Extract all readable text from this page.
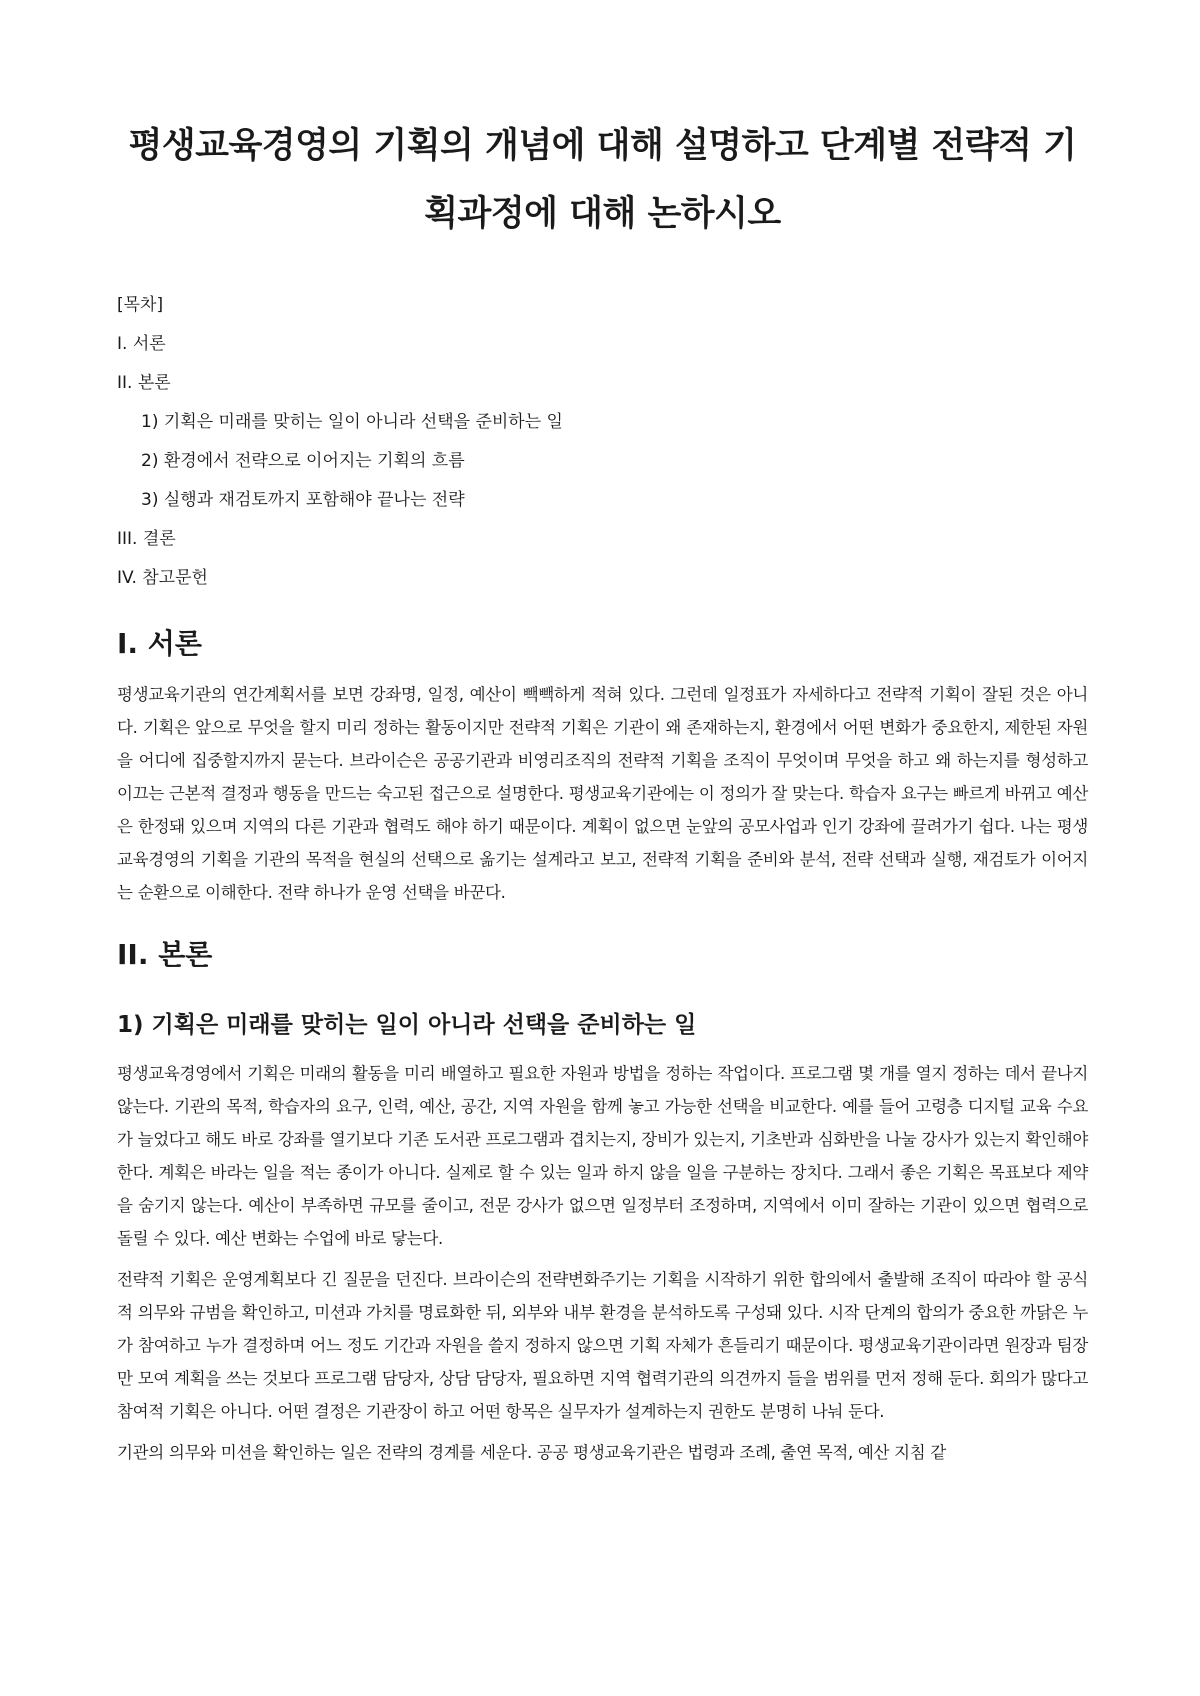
평생교육경영의 기획의 개념에 대해 설명하고 단계별 전략적 기획과정에 대해 논하시오
[목차]
I. 서론
II. 본론
1) 기획은 미래를 맞히는 일이 아니라 선택을 준비하는 일
2) 환경에서 전략으로 이어지는 기획의 흐름
3) 실행과 재검토까지 포함해야 끝나는 전략
III. 결론
IV. 참고문헌
I. 서론

평생교육기관의 연간계획서를 보면 강좌명, 일정, 예산이 빽빽하게 적혀 있다. 그런데 일정표가 자세하다고 전략적 기획이 잘된 것은 아니다. 기획은 앞으로 무엇을 할지 미리 정하는 활동이지만 전략적 기획은 기관이 왜 존재하는지, 환경에서 어떤 변화가 중요한지, 제한된 자원을 어디에 집중할지까지 묻는다. 브라이슨은 공공기관과 비영리조직의 전략적 기획을 조직이 무엇이며 무엇을 하고 왜 하는지를 형성하고 이끄는 근본적 결정과 행동을 만드는 숙고된 접근으로 설명한다. 평생교육기관에는 이 정의가 잘 맞는다. 학습자 요구는 빠르게 바뀌고 예산은 한정돼 있으며 지역의 다른 기관과 협력도 해야 하기 때문이다. 계획이 없으면 눈앞의 공모사업과 인기 강좌에 끌려가기 쉽다. 나는 평생교육경영의 기획을 기관의 목적을 현실의 선택으로 옮기는 설계라고 보고, 전략적 기획을 준비와 분석, 전략 선택과 실행, 재검토가 이어지는 순환으로 이해한다. 전략 하나가 운영 선택을 바꾼다.

II. 본론
1) 기획은 미래를 맞히는 일이 아니라 선택을 준비하는 일

평생교육경영에서 기획은 미래의 활동을 미리 배열하고 필요한 자원과 방법을 정하는 작업이다. 프로그램 몇 개를 열지 정하는 데서 끝나지 않는다. 기관의 목적, 학습자의 요구, 인력, 예산, 공간, 지역 자원을 함께 놓고 가능한 선택을 비교한다. 예를 들어 고령층 디지털 교육 수요가 늘었다고 해도 바로 강좌를 열기보다 기존 도서관 프로그램과 겹치는지, 장비가 있는지, 기초반과 심화반을 나눌 강사가 있는지 확인해야 한다. 계획은 바라는 일을 적는 종이가 아니다. 실제로 할 수 있는 일과 하지 않을 일을 구분하는 장치다. 그래서 좋은 기획은 목표보다 제약을 숨기지 않는다. 예산이 부족하면 규모를 줄이고, 전문 강사가 없으면 일정부터 조정하며, 지역에서 이미 잘하는 기관이 있으면 협력으로 돌릴 수 있다. 예산 변화는 수업에 바로 닿는다.

전략적 기획은 운영계획보다 긴 질문을 던진다. 브라이슨의 전략변화주기는 기획을 시작하기 위한 합의에서 출발해 조직이 따라야 할 공식적 의무와 규범을 확인하고, 미션과 가치를 명료화한 뒤, 외부와 내부 환경을 분석하도록 구성돼 있다. 시작 단계의 합의가 중요한 까닭은 누가 참여하고 누가 결정하며 어느 정도 기간과 자원을 쓸지 정하지 않으면 기획 자체가 흔들리기 때문이다. 평생교육기관이라면 원장과 팀장만 모여 계획을 쓰는 것보다 프로그램 담당자, 상담 담당자, 필요하면 지역 협력기관의 의견까지 들을 범위를 먼저 정해 둔다. 회의가 많다고 참여적 기획은 아니다. 어떤 결정은 기관장이 하고 어떤 항목은 실무자가 설계하는지 권한도 분명히 나눠 둔다.

기관의 의무와 미션을 확인하는 일은 전략의 경계를 세운다. 공공 평생교육기관은 법령과 조례, 출연 목적, 예산 지침 같
